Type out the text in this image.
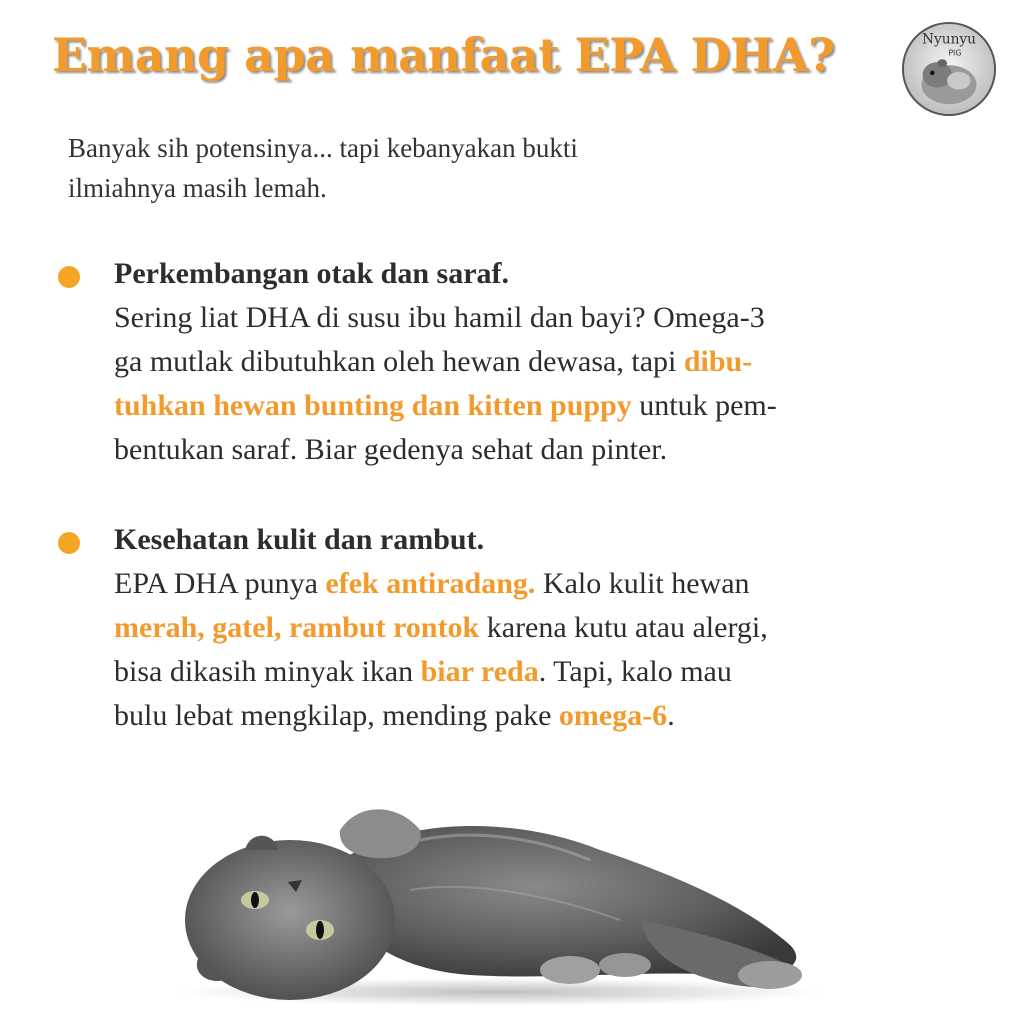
Emang apa manfaat EPA DHA?	Nyunyu
PIG
Banyak sih potensinya... tapi kebanyakan bukti
ilmiahnya masih lemah.
Perkembangan otak dan saraf.
Sering liat DHA di susu ibu hamil dan bayi? Omega-3
ga mutlak dibutuhkan oleh hewan dewasa, tapi dibu-
tuhkan hewan bunting dan kitten puppy untuk pem-
bentukan saraf. Biar gedenya sehat dan pinter.
Kesehatan kulit dan rambut.
EPA DHA punya efek antiradang. Kalo kulit hewan
merah, gatel, rambut rontok karena kutu atau alergi,
bisa dikasih minyak ikan biar reda. Tapi, kalo mau
bulu lebat mengkilap, mending pake omega-6.
